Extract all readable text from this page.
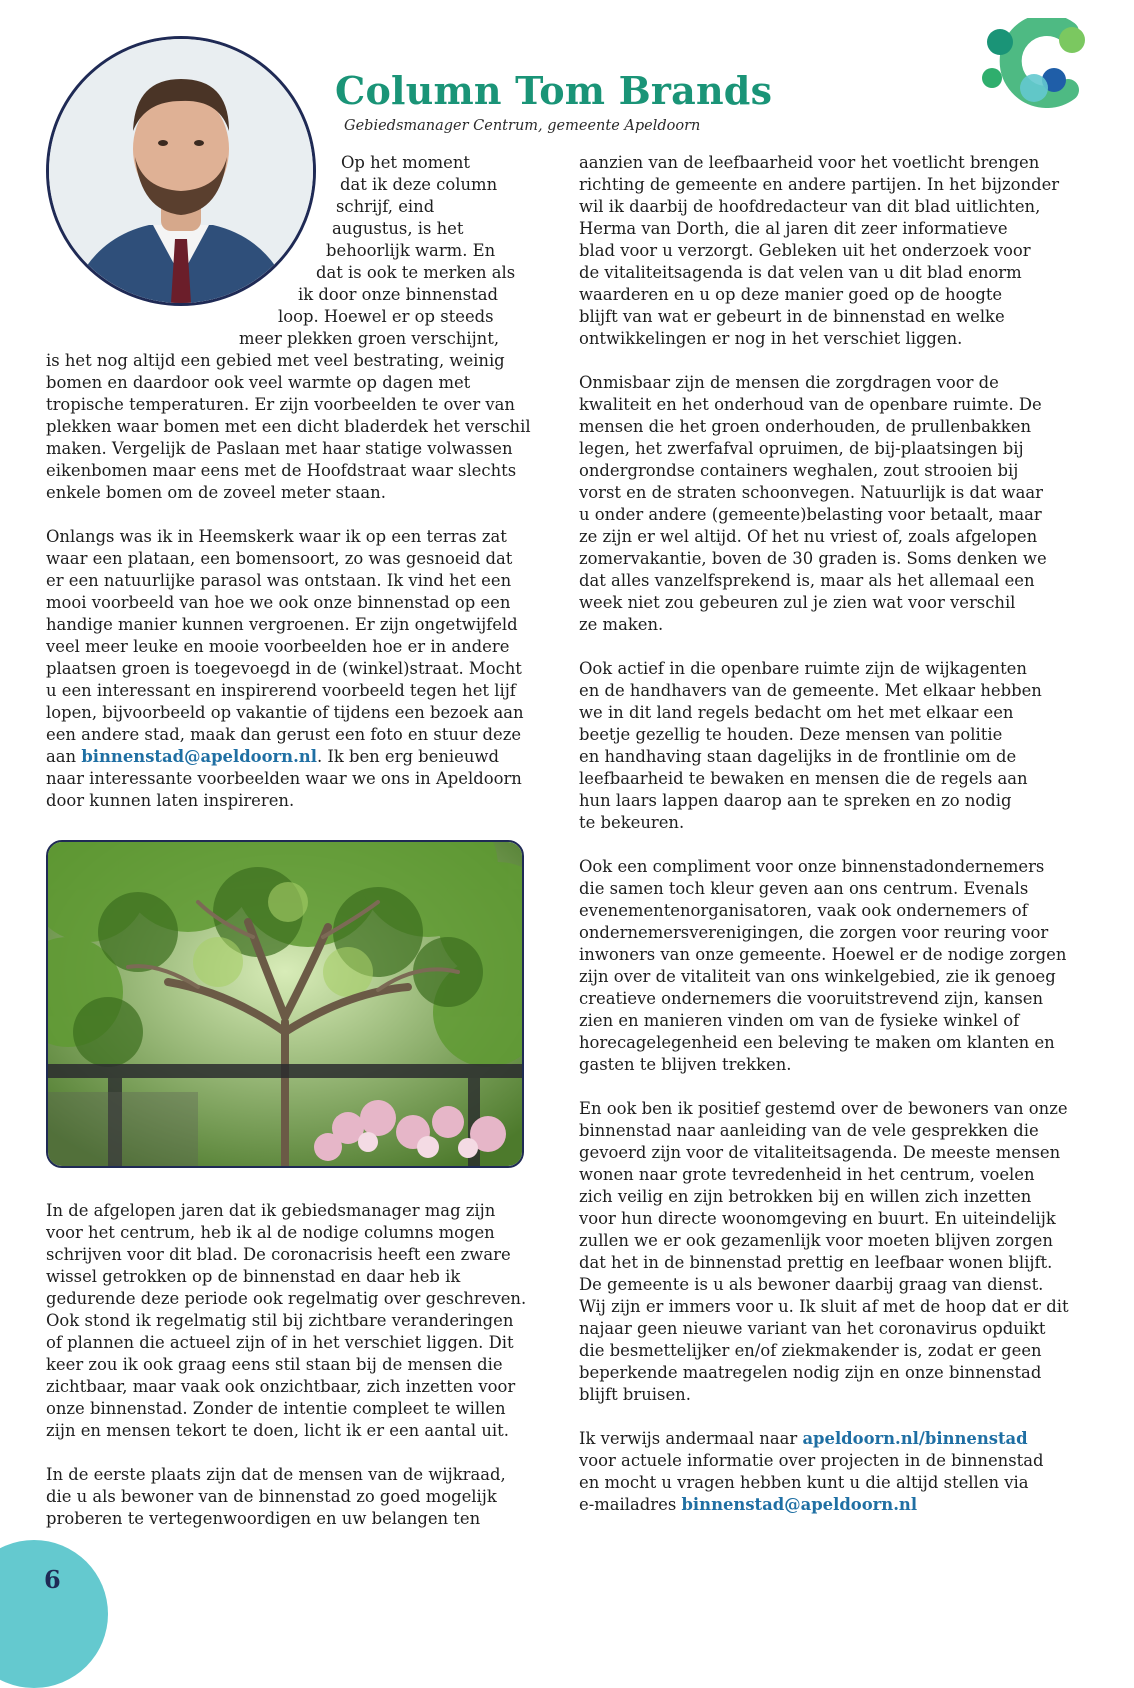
Column Tom Brands

Gebiedsmanager Centrum, gemeente Apeldoorn

Op het moment

dat ik deze column

schrijf, eind

augustus, is het

behoorlijk warm. En

dat is ook te merken als

ik door onze binnenstad

loop. Hoewel er op steeds

meer plekken groen verschijnt,

is het nog altijd een gebied met veel bestrating, weinig

bomen en daardoor ook veel warmte op dagen met

tropische temperaturen. Er zijn voorbeelden te over van

plekken waar bomen met een dicht bladerdek het verschil

maken. Vergelijk de Paslaan met haar statige volwassen

eikenbomen maar eens met de Hoofdstraat waar slechts

enkele bomen om de zoveel meter staan.

Onlangs was ik in Heemskerk waar ik op een terras zat

waar een plataan, een bomensoort, zo was gesnoeid dat

er een natuurlijke parasol was ontstaan. Ik vind het een

mooi voorbeeld van hoe we ook onze binnenstad op een

handige manier kunnen vergroenen. Er zijn ongetwijfeld

veel meer leuke en mooie voorbeelden hoe er in andere

plaatsen groen is toegevoegd in de (winkel)straat. Mocht

u een interessant en inspirerend voorbeeld tegen het lijf

lopen, bijvoorbeeld op vakantie of tijdens een bezoek aan

een andere stad, maak dan gerust een foto en stuur deze

aan binnenstad@apeldoorn.nl. Ik ben erg benieuwd

naar interessante voorbeelden waar we ons in Apeldoorn

door kunnen laten inspireren.

In de afgelopen jaren dat ik gebiedsmanager mag zijn

voor het centrum, heb ik al de nodige columns mogen

schrijven voor dit blad. De coronacrisis heeft een zware

wissel getrokken op de binnenstad en daar heb ik

gedurende deze periode ook regelmatig over geschreven.

Ook stond ik regelmatig stil bij zichtbare veranderingen

of plannen die actueel zijn of in het verschiet liggen. Dit

keer zou ik ook graag eens stil staan bij de mensen die

zichtbaar, maar vaak ook onzichtbaar, zich inzetten voor

onze binnenstad. Zonder de intentie compleet te willen

zijn en mensen tekort te doen, licht ik er een aantal uit.

In de eerste plaats zijn dat de mensen van de wijkraad,

die u als bewoner van de binnenstad zo goed mogelijk

proberen te vertegenwoordigen en uw belangen ten

aanzien van de leefbaarheid voor het voetlicht brengen

richting de gemeente en andere partijen. In het bijzonder

wil ik daarbij de hoofdredacteur van dit blad uitlichten,

Herma van Dorth, die al jaren dit zeer informatieve

blad voor u verzorgt. Gebleken uit het onderzoek voor

de vitaliteitsagenda is dat velen van u dit blad enorm

waarderen en u op deze manier goed op de hoogte

blijft van wat er gebeurt in de binnenstad en welke

ontwikkelingen er nog in het verschiet liggen.

Onmisbaar zijn de mensen die zorgdragen voor de

kwaliteit en het onderhoud van de openbare ruimte. De

mensen die het groen onderhouden, de prullenbakken

legen, het zwerfafval opruimen, de bij-plaatsingen bij

ondergrondse containers weghalen, zout strooien bij

vorst en de straten schoonvegen. Natuurlijk is dat waar

u onder andere (gemeente)belasting voor betaalt, maar

ze zijn er wel altijd. Of het nu vriest of, zoals afgelopen

zomervakantie, boven de 30 graden is. Soms denken we

dat alles vanzelfsprekend is, maar als het allemaal een

week niet zou gebeuren zul je zien wat voor verschil

ze maken.

Ook actief in die openbare ruimte zijn de wijkagenten

en de handhavers van de gemeente. Met elkaar hebben

we in dit land regels bedacht om het met elkaar een

beetje gezellig te houden. Deze mensen van politie

en handhaving staan dagelijks in de frontlinie om de

leefbaarheid te bewaken en mensen die de regels aan

hun laars lappen daarop aan te spreken en zo nodig

te bekeuren.

Ook een compliment voor onze binnenstadondernemers

die samen toch kleur geven aan ons centrum. Evenals

evenementenorganisatoren, vaak ook ondernemers of

ondernemersverenigingen, die zorgen voor reuring voor

inwoners van onze gemeente. Hoewel er de nodige zorgen

zijn over de vitaliteit van ons winkelgebied, zie ik genoeg

creatieve ondernemers die vooruitstrevend zijn, kansen

zien en manieren vinden om van de fysieke winkel of

horecagelegenheid een beleving te maken om klanten en

gasten te blijven trekken.

En ook ben ik positief gestemd over de bewoners van onze

binnenstad naar aanleiding van de vele gesprekken die

gevoerd zijn voor de vitaliteitsagenda. De meeste mensen

wonen naar grote tevredenheid in het centrum, voelen

zich veilig en zijn betrokken bij en willen zich inzetten

voor hun directe woonomgeving en buurt. En uiteindelijk

zullen we er ook gezamenlijk voor moeten blijven zorgen

dat het in de binnenstad prettig en leefbaar wonen blijft.

De gemeente is u als bewoner daarbij graag van dienst.

Wij zijn er immers voor u. Ik sluit af met de hoop dat er dit

najaar geen nieuwe variant van het coronavirus opduikt

die besmettelijker en/of ziekmakender is, zodat er geen

beperkende maatregelen nodig zijn en onze binnenstad

blijft bruisen.

Ik verwijs andermaal naar apeldoorn.nl/binnenstad

voor actuele informatie over projecten in de binnenstad

en mocht u vragen hebben kunt u die altijd stellen via

e-mailadres binnenstad@apeldoorn.nl

6
